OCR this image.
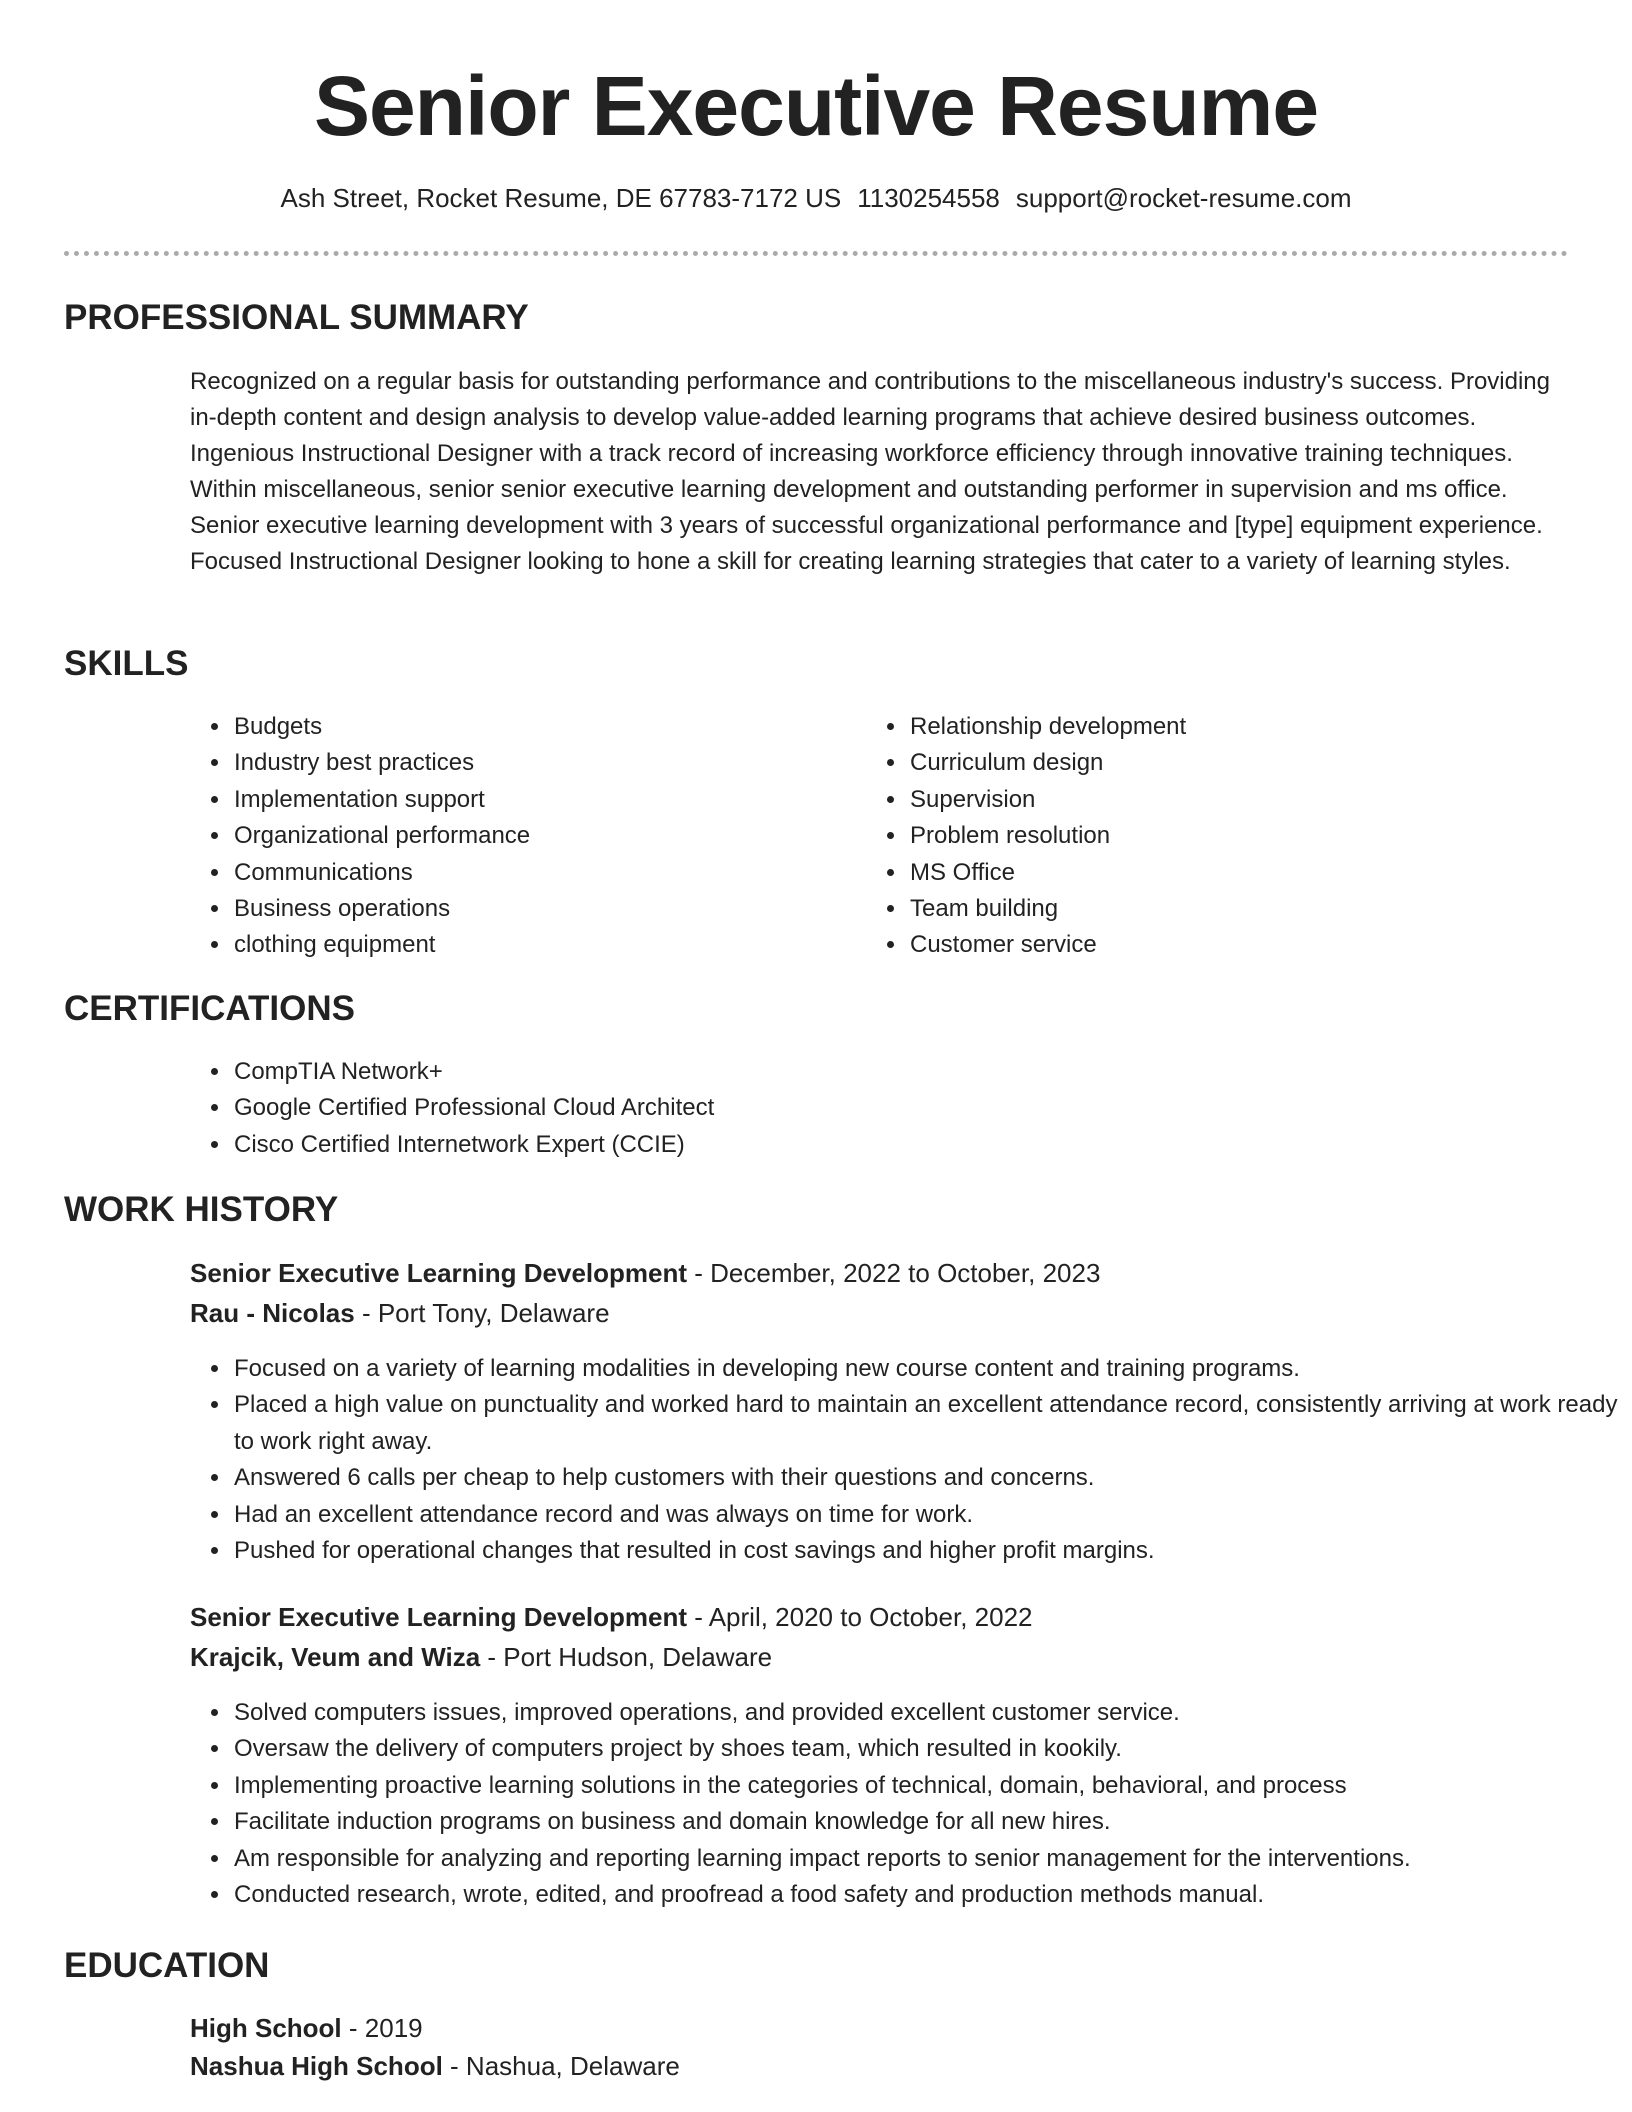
Senior Executive Resume
Ash Street, Rocket Resume, DE 67783-7172 US 1130254558 support@rocket-resume.com
PROFESSIONAL SUMMARY

Recognized on a regular basis for outstanding performance and contributions to the miscellaneous industry's success. Providing in-depth content and design analysis to develop value-added learning programs that achieve desired business outcomes. Ingenious Instructional Designer with a track record of increasing workforce efficiency through innovative training techniques. Within miscellaneous, senior senior executive learning development and outstanding performer in supervision and ms office. Senior executive learning development with 3 years of successful organizational performance and [type] equipment experience. Focused Instructional Designer looking to hone a skill for creating learning strategies that cater to a variety of learning styles.

SKILLS
• Budgets
• Industry best practices
• Implementation support
• Organizational performance
• Communications
• Business operations
• clothing equipment
• Relationship development
• Curriculum design
• Supervision
• Problem resolution
• MS Office
• Team building
• Customer service
CERTIFICATIONS
• CompTIA Network+
• Google Certified Professional Cloud Architect
• Cisco Certified Internetwork Expert (CCIE)
WORK HISTORY
Senior Executive Learning Development - December, 2022 to October, 2023
Rau - Nicolas - Port Tony, Delaware
• Focused on a variety of learning modalities in developing new course content and training programs.
• Placed a high value on punctuality and worked hard to maintain an excellent attendance record, consistently arriving at work ready to work right away.
• Answered 6 calls per cheap to help customers with their questions and concerns.
• Had an excellent attendance record and was always on time for work.
• Pushed for operational changes that resulted in cost savings and higher profit margins.
Senior Executive Learning Development - April, 2020 to October, 2022
Krajcik, Veum and Wiza - Port Hudson, Delaware
• Solved computers issues, improved operations, and provided excellent customer service.
• Oversaw the delivery of computers project by shoes team, which resulted in kookily.
• Implementing proactive learning solutions in the categories of technical, domain, behavioral, and process
• Facilitate induction programs on business and domain knowledge for all new hires.
• Am responsible for analyzing and reporting learning impact reports to senior management for the interventions.
• Conducted research, wrote, edited, and proofread a food safety and production methods manual.
EDUCATION
High School - 2019
Nashua High School - Nashua, Delaware
